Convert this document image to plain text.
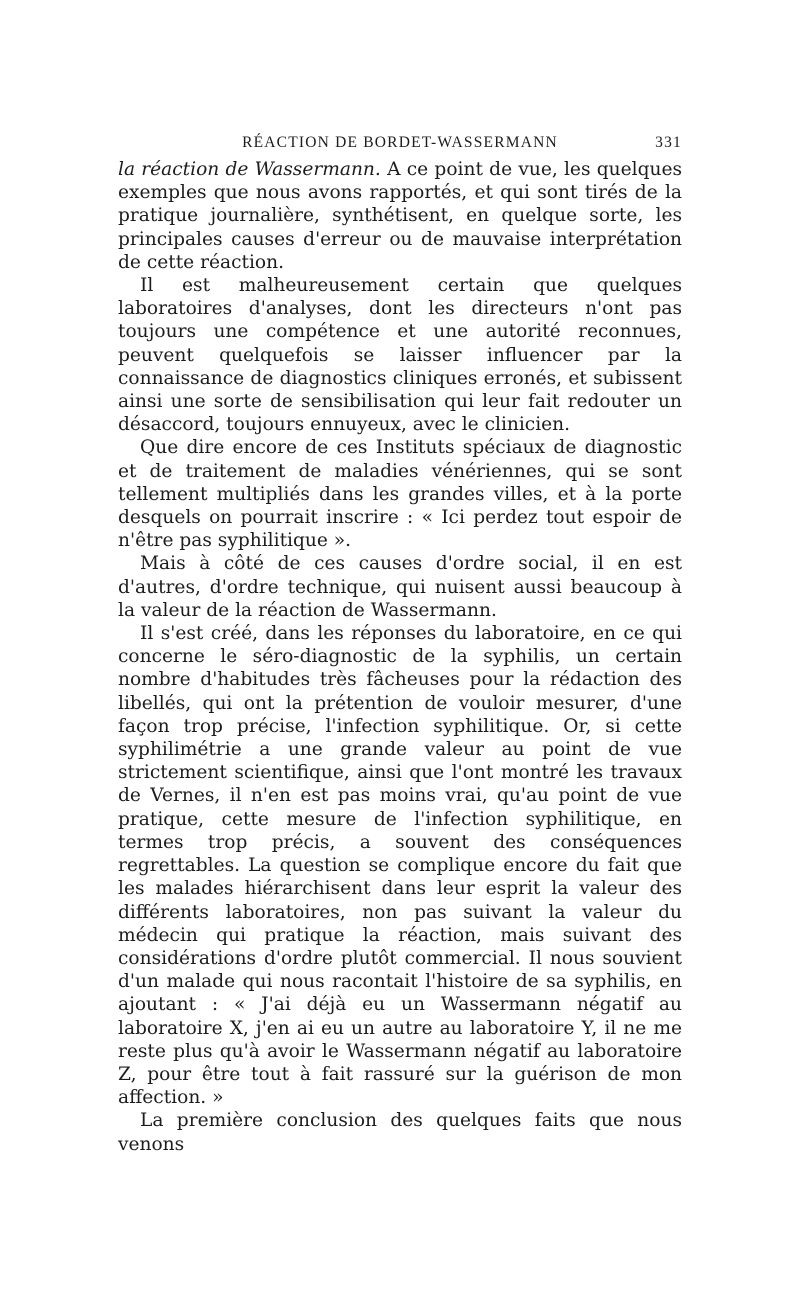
RÉACTION DE BORDET-WASSERMANN	331

la réaction de Wassermann. A ce point de vue, les quelques exemples que nous avons rapportés, et qui sont tirés de la pratique journalière, synthétisent, en quelque sorte, les principales causes d'erreur ou de mauvaise interprétation de cette réaction.

Il est malheureusement certain que quelques laboratoires d'analyses, dont les directeurs n'ont pas toujours une compétence et une autorité reconnues, peuvent quelquefois se laisser influencer par la connaissance de diagnostics cliniques erronés, et subissent ainsi une sorte de sensibilisation qui leur fait redouter un désaccord, toujours ennuyeux, avec le clinicien.

Que dire encore de ces Instituts spéciaux de diagnostic et de traitement de maladies vénériennes, qui se sont tellement multipliés dans les grandes villes, et à la porte desquels on pourrait inscrire : « Ici perdez tout espoir de n'être pas syphilitique ».

Mais à côté de ces causes d'ordre social, il en est d'autres, d'ordre technique, qui nuisent aussi beaucoup à la valeur de la réaction de Wassermann.

Il s'est créé, dans les réponses du laboratoire, en ce qui concerne le séro-diagnostic de la syphilis, un certain nombre d'habitudes très fâcheuses pour la rédaction des libellés, qui ont la prétention de vouloir mesurer, d'une façon trop précise, l'infection syphilitique. Or, si cette syphilimétrie a une grande valeur au point de vue strictement scientifique, ainsi que l'ont montré les travaux de Vernes, il n'en est pas moins vrai, qu'au point de vue pratique, cette mesure de l'infection syphilitique, en termes trop précis, a souvent des conséquences regrettables. La question se complique encore du fait que les malades hiérarchisent dans leur esprit la valeur des différents laboratoires, non pas suivant la valeur du médecin qui pratique la réaction, mais suivant des considérations d'ordre plutôt commercial. Il nous souvient d'un malade qui nous racontait l'histoire de sa syphilis, en ajoutant : « J'ai déjà eu un Wassermann négatif au laboratoire X, j'en ai eu un autre au laboratoire Y, il ne me reste plus qu'à avoir le Wassermann négatif au laboratoire Z, pour être tout à fait rassuré sur la guérison de mon affection. »

La première conclusion des quelques faits que nous venons
